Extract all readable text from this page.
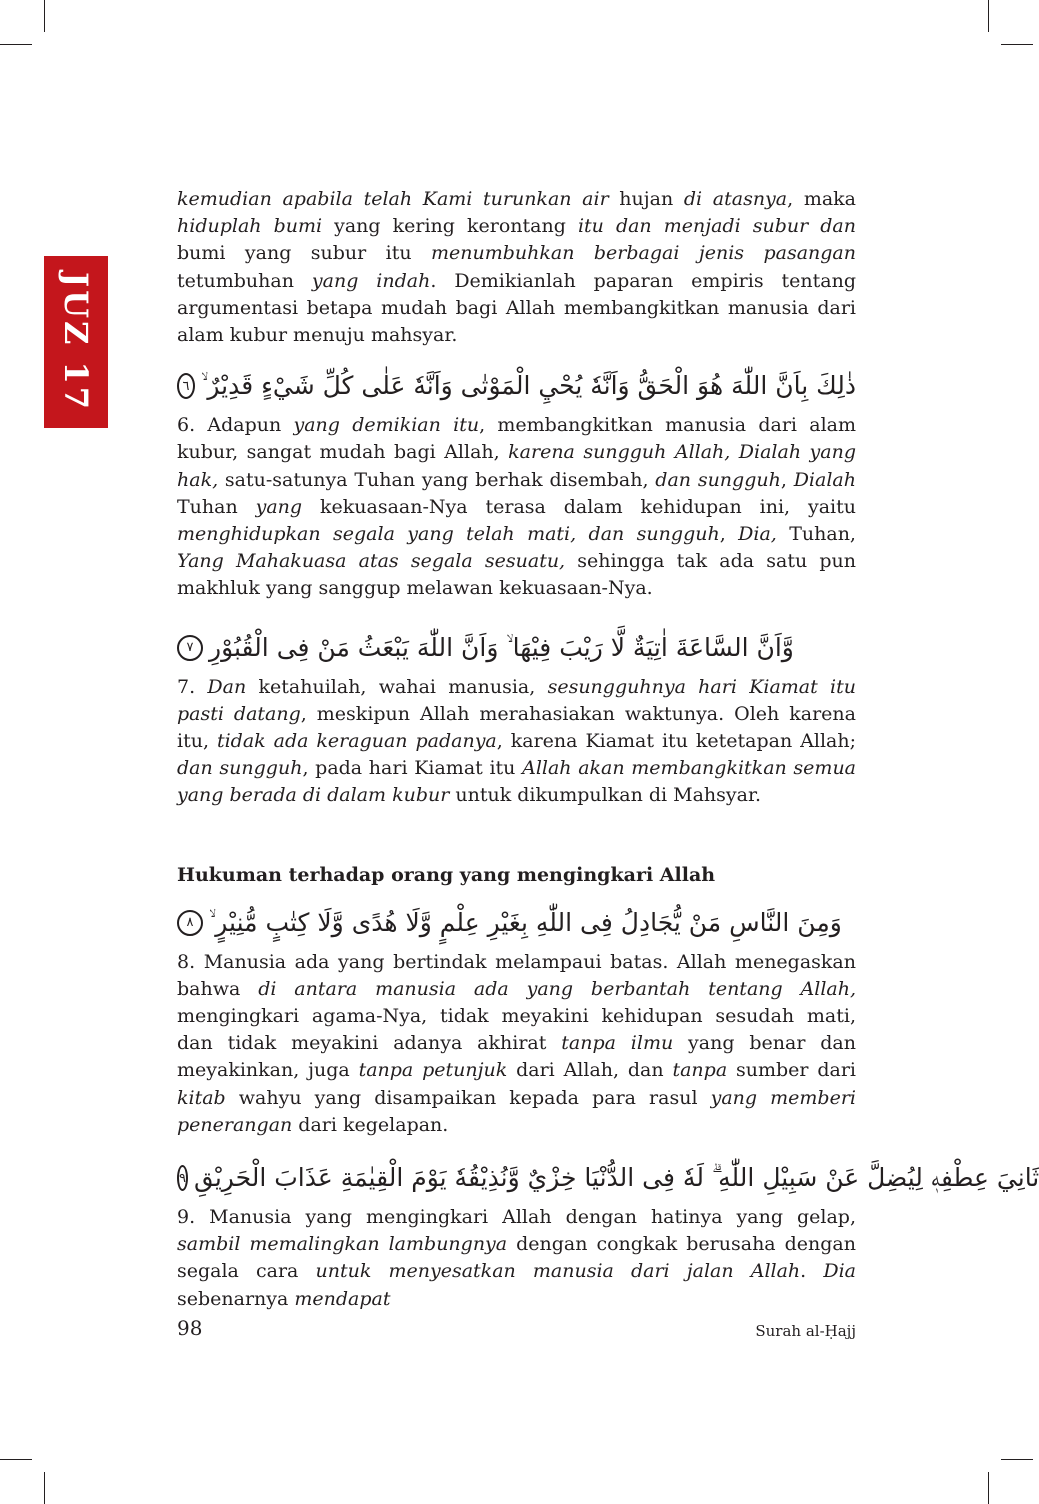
JUZ 17

kemudian apabila telah Kami turunkan air hujan di atasnya, maka hiduplah bumi yang kering kerontang itu dan menjadi subur dan bumi yang subur itu menumbuhkan berbagai jenis pasangan tetumbuhan yang indah. Demikianlah paparan empiris tentang argumentasi betapa mudah bagi Allah membangkitkan manusia dari alam kubur menuju mahsyar.

ذٰلِكَ بِاَنَّ اللّٰهَ هُوَ الْحَقُّ وَاَنَّهٗ يُحْيِ الْمَوْتٰى وَاَنَّهٗ عَلٰى كُلِّ شَيْءٍ قَدِيْرٌ ۙ
٦

6. Adapun yang demikian itu, membangkitkan manusia dari alam kubur, sangat mudah bagi Allah, karena sungguh Allah, Dialah yang hak, satu-satunya Tuhan yang berhak disembah, dan sungguh, Dialah Tuhan yang kekuasaan-Nya terasa dalam kehidupan ini, yaitu menghidupkan segala yang telah mati, dan sungguh, Dia, Tuhan, Yang Mahakuasa atas segala sesuatu, sehingga tak ada satu pun makhluk yang sanggup melawan kekuasaan-Nya.

وَّاَنَّ السَّاعَةَ اٰتِيَةٌ لَّا رَيْبَ فِيْهَا ۙ وَاَنَّ اللّٰهَ يَبْعَثُ مَنْ فِى الْقُبُوْرِ
٧

7. Dan ketahuilah, wahai manusia, sesungguhnya hari Kiamat itu pasti datang, meskipun Allah merahasiakan waktunya. Oleh karena itu, tidak ada keraguan padanya, karena Kiamat itu ketetapan Allah; dan sungguh, pada hari Kiamat itu Allah akan membangkitkan semua yang berada di dalam kubur untuk dikumpulkan di Mahsyar.

Hukuman terhadap orang yang mengingkari Allah
وَمِنَ النَّاسِ مَنْ يُّجَادِلُ فِى اللّٰهِ بِغَيْرِ عِلْمٍ وَّلَا هُدًى وَّلَا كِتٰبٍ مُّنِيْرٍ ۙ
٨

8. Manusia ada yang bertindak melampaui batas. Allah menegaskan bahwa di antara manusia ada yang berbantah tentang Allah, mengingkari agama-Nya, tidak meyakini kehidupan sesudah mati, dan tidak meyakini adanya akhirat tanpa ilmu yang benar dan meyakinkan, juga tanpa petunjuk dari Allah, dan tanpa sumber dari kitab wahyu yang disampaikan kepada para rasul yang memberi penerangan dari kegelapan.

ثَانِيَ عِطْفِهٖ لِيُضِلَّ عَنْ سَبِيْلِ اللّٰهِ ۗ لَهٗ فِى الدُّنْيَا خِزْيٌ وَّنُذِيْقُهٗ يَوْمَ الْقِيٰمَةِ عَذَابَ الْحَرِيْقِ
٩

9. Manusia yang mengingkari Allah dengan hatinya yang gelap, sambil memalingkan lambungnya dengan congkak berusaha dengan segala cara untuk menyesatkan manusia dari jalan Allah. Dia sebenarnya mendapat

98	Surah al-Ḥajj
